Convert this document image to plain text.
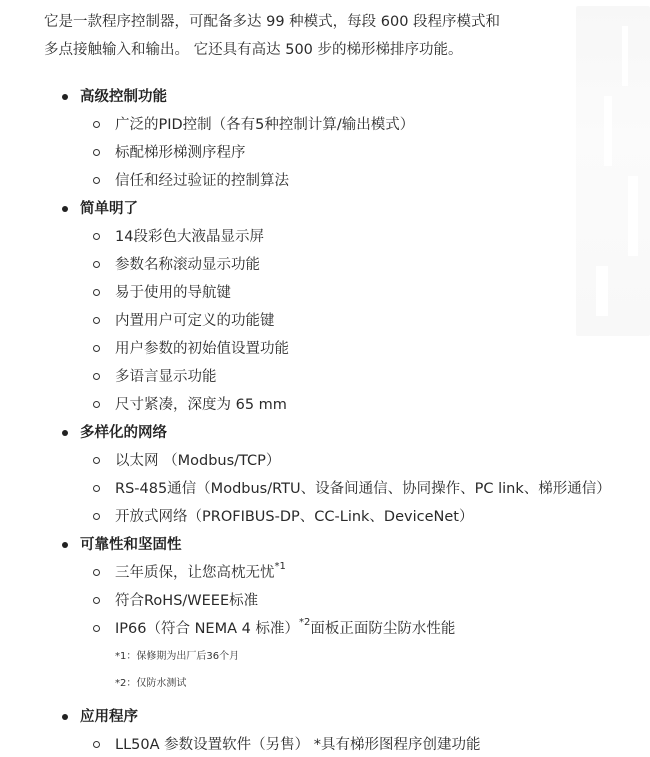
它是一款程序控制器，可配备多达 99 种模式，每段 600 段程序模式和
多点接触输入和输出。 它还具有高达 500 步的梯形梯排序功能。
高级控制功能
广泛的PID控制（各有5种控制计算/输出模式）
标配梯形梯测序程序
信任和经过验证的控制算法
简单明了
14段彩色大液晶显示屏
参数名称滚动显示功能
易于使用的导航键
内置用户可定义的功能键
用户参数的初始值设置功能
多语言显示功能
尺寸紧凑，深度为 65 mm
多样化的网络
以太网 （Modbus/TCP）
RS-485通信（Modbus/RTU、设备间通信、协同操作、PC link、梯形通信）
开放式网络（PROFIBUS-DP、CC-Link、DeviceNet）
可靠性和坚固性
三年质保，让您高枕无忧$^{*1}$
符合RoHS/WEEE标准
IP66（符合 NEMA 4 标准）$^{*2}$面板正面防尘防水性能
*1：保修期为出厂后36个月
*2：仅防水测试
应用程序
LL50A 参数设置软件（另售） *具有梯形图程序创建功能
